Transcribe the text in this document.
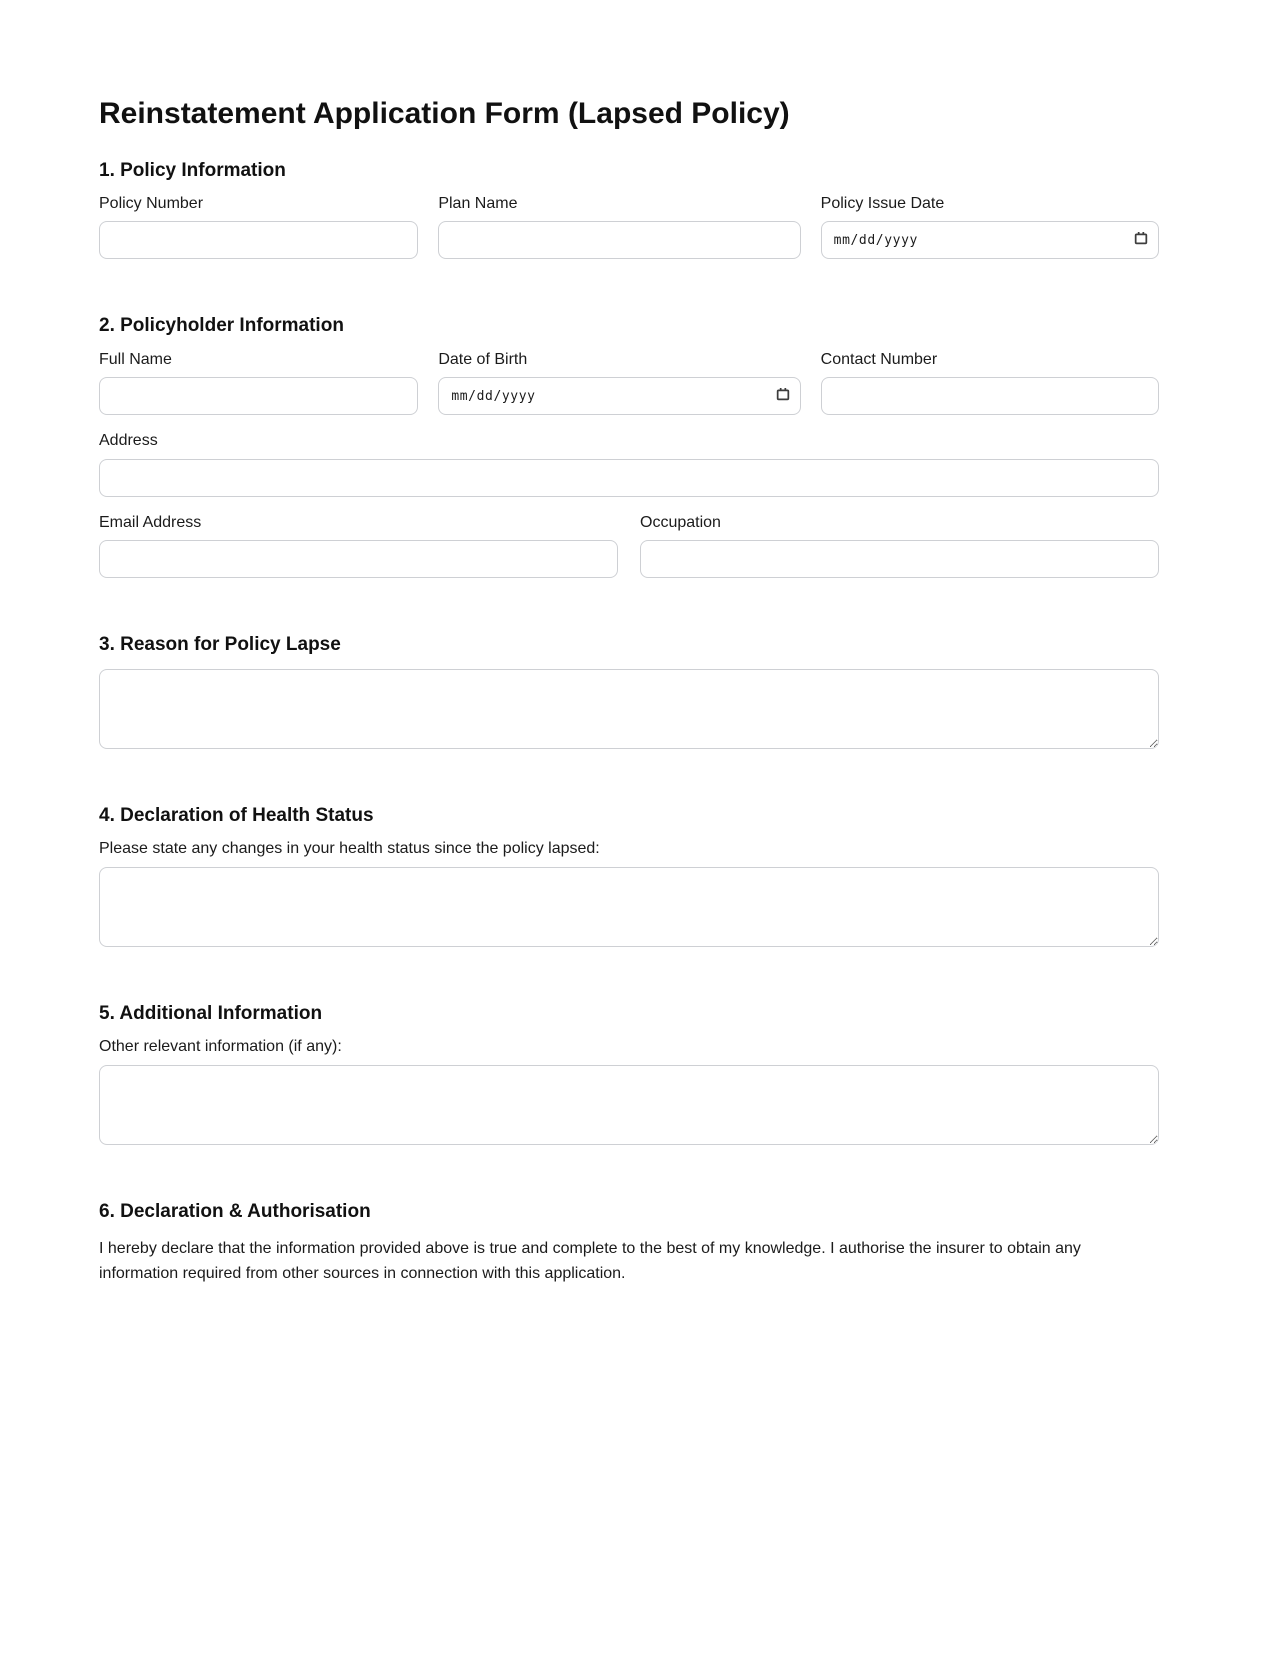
Reinstatement Application Form (Lapsed Policy)
1. Policy Information
Policy Number	Plan Name	Policy Issue Date
mm/dd/yyyy
2. Policyholder Information
Full Name	Date of Birth
mm/dd/yyyy
Contact Number
Address
Email Address	Occupation
3. Reason for Policy Lapse
4. Declaration of Health Status

Please state any changes in your health status since the policy lapsed:

5. Additional Information

Other relevant information (if any):

6. Declaration & Authorisation

I hereby declare that the information provided above is true and complete to the best of my knowledge. I authorise the insurer to obtain any information required from other sources in connection with this application.
